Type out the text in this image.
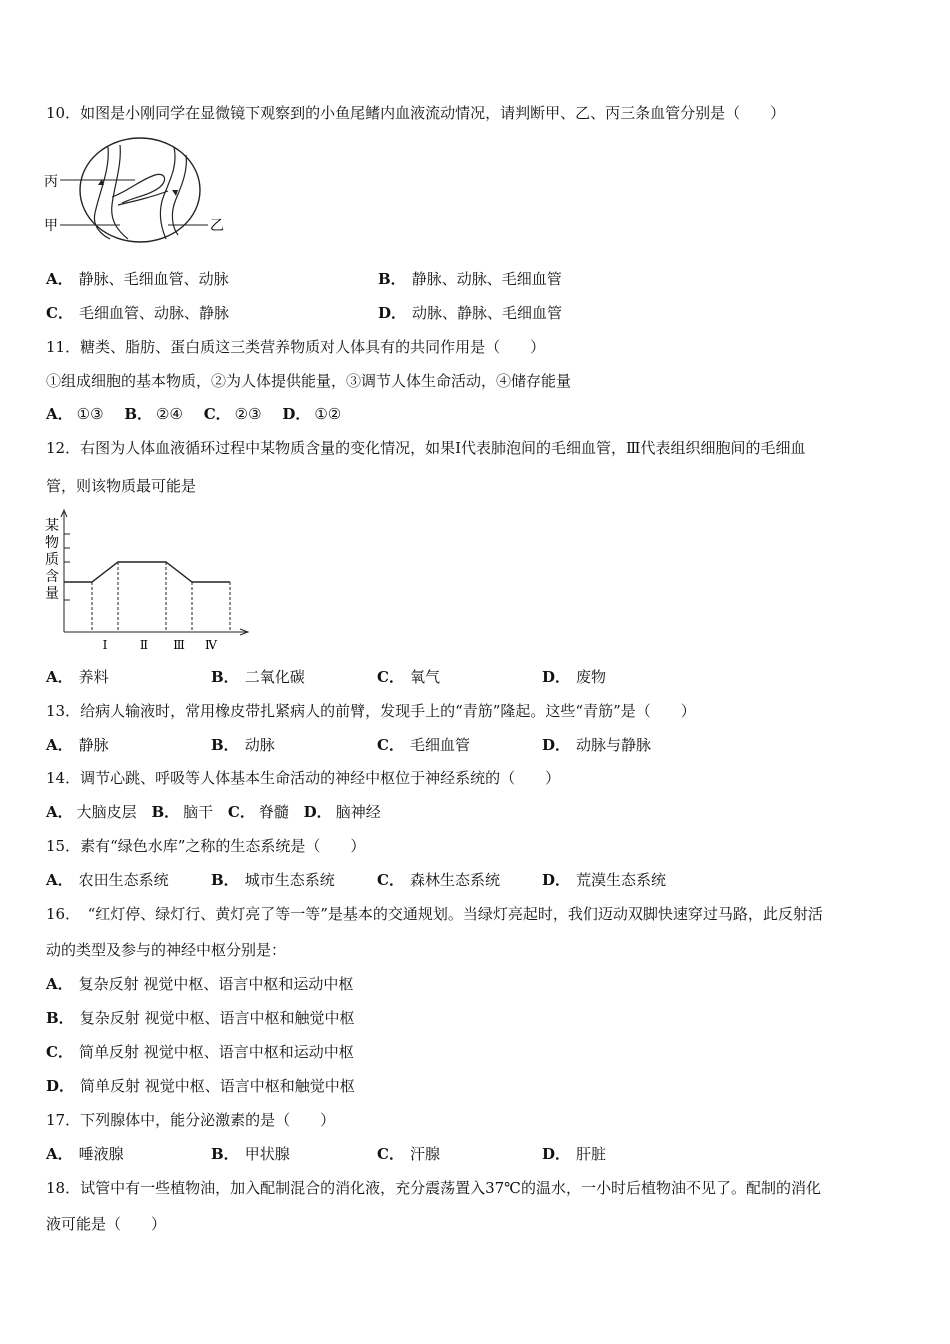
10．如图是小刚同学在显微镜下观察到的小鱼尾鳍内血液流动情况，请判断甲、乙、丙三条血管分别是（　　）
丙
甲	乙
A． 静脉、毛细血管、动脉	B． 静脉、动脉、毛细血管
C． 毛细血管、动脉、静脉	D． 动脉、静脉、毛细血管
11．糖类、脂肪、蛋白质这三类营养物质对人体具有的共同作用是（　　）
①组成细胞的基本物质，②为人体提供能量，③调节人体生命活动，④储存能量
A． ①③ B． ②④ C． ②③ D． ①②
12．右图为人体血液循环过程中某物质含量的变化情况，如果Ⅰ代表肺泡间的毛细血管，Ⅲ代表组织细胞间的毛细血
管，则该物质最可能是
某
物
质
含
量
Ⅰ	Ⅱ Ⅲ Ⅳ
A． 养料	B． 二氧化碳	C． 氧气	D． 废物
13．给病人输液时，常用橡皮带扎紧病人的前臂，发现手上的“青筋”隆起。这些“青筋”是（　　）
A． 静脉	B． 动脉	C． 毛细血管	D． 动脉与静脉
14．调节心跳、呼吸等人体基本生命活动的神经中枢位于神经系统的（　　）
A． 大脑皮层 B． 脑干 C． 脊髓 D． 脑神经
15．素有“绿色水库”之称的生态系统是（　　）
A． 农田生态系统	B． 城市生态系统	C． 森林生态系统	D． 荒漠生态系统
16．　“红灯停、绿灯行、黄灯亮了等一等”是基本的交通规划。当绿灯亮起时，我们迈动双脚快速穿过马路，此反射活
动的类型及参与的神经中枢分别是：
A． 复杂反射 视觉中枢、语言中枢和运动中枢
B． 复杂反射 视觉中枢、语言中枢和触觉中枢
C． 简单反射 视觉中枢、语言中枢和运动中枢
D． 简单反射 视觉中枢、语言中枢和触觉中枢
17．下列腺体中，能分泌激素的是（　　）
A． 唾液腺	B． 甲状腺	C． 汗腺	D． 肝脏
18．试管中有一些植物油，加入配制混合的消化液，充分震荡置入37℃的温水，一小时后植物油不见了。配制的消化
液可能是（　　）
